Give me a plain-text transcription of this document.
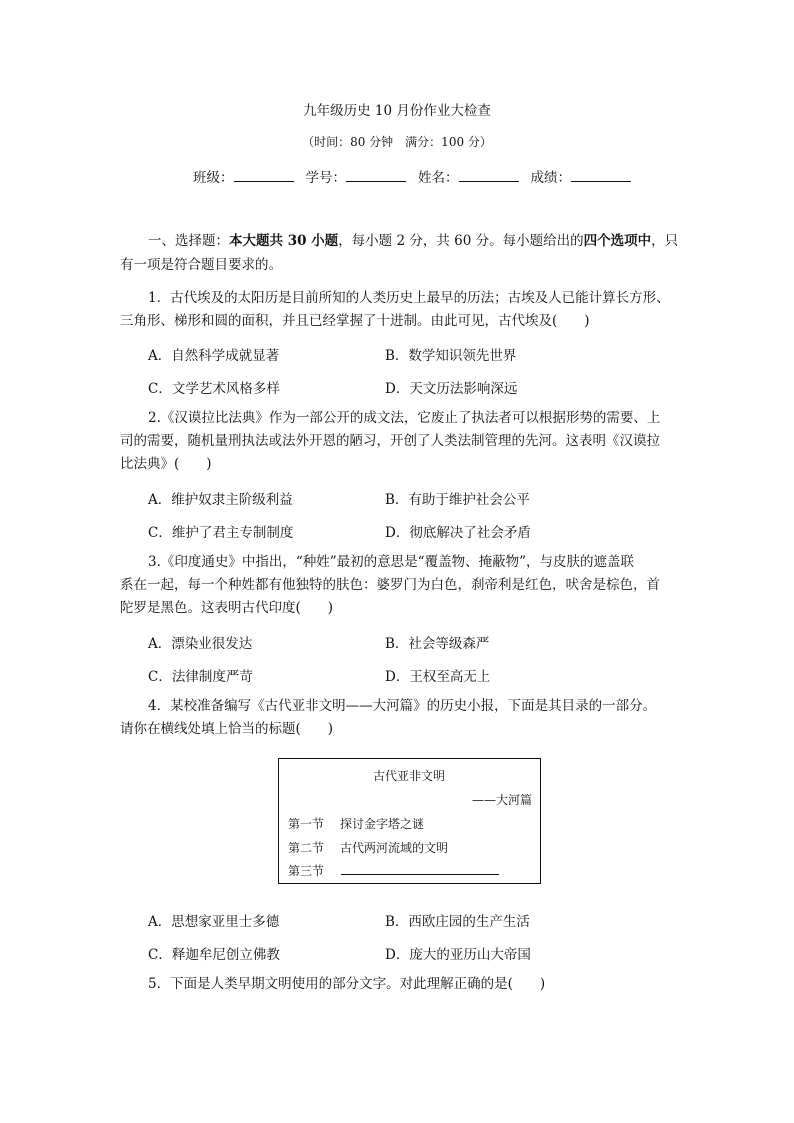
九年级历史 10 月份作业大检查
（时间：80 分钟　满分：100 分）
班级：	学号：	姓名：	成绩：
一、选择题：本大题共 30 小题，每小题 2 分，共 60 分。每小题给出的四个选项中，只
有一项是符合题目要求的。
1．古代埃及的太阳历是目前所知的人类历史上最早的历法；古埃及人已能计算长方形、
三角形、梯形和圆的面积，并且已经掌握了十进制。由此可见，古代埃及(　　)
A．自然科学成就显著	B．数学知识领先世界
C．文学艺术风格多样	D．天文历法影响深远
2.《汉谟拉比法典》作为一部公开的成文法，它废止了执法者可以根据形势的需要、上
司的需要，随机量刑执法或法外开恩的陋习，开创了人类法制管理的先河。这表明《汉谟拉
比法典》(　　)
A．维护奴隶主阶级利益	B．有助于维护社会公平
C．维护了君主专制制度	D．彻底解决了社会矛盾
3.《印度通史》中指出，“种姓”最初的意思是“覆盖物、掩蔽物”，与皮肤的遮盖联
系在一起，每一个种姓都有他独特的肤色：婆罗门为白色，刹帝利是红色，吠舍是棕色，首
陀罗是黑色。这表明古代印度(　　)
A．漂染业很发达	B．社会等级森严
C．法律制度严苛	D．王权至高无上
4．某校准备编写《古代亚非文明——大河篇》的历史小报，下面是其目录的一部分。
请你在横线处填上恰当的标题(　　)
古代亚非文明
——大河篇
第一节 探讨金字塔之谜
第二节 古代两河流域的文明
第三节
A．思想家亚里士多德	B．西欧庄园的生产生活
C．释迦牟尼创立佛教	D．庞大的亚历山大帝国
5．下面是人类早期文明使用的部分文字。对此理解正确的是(　　)
